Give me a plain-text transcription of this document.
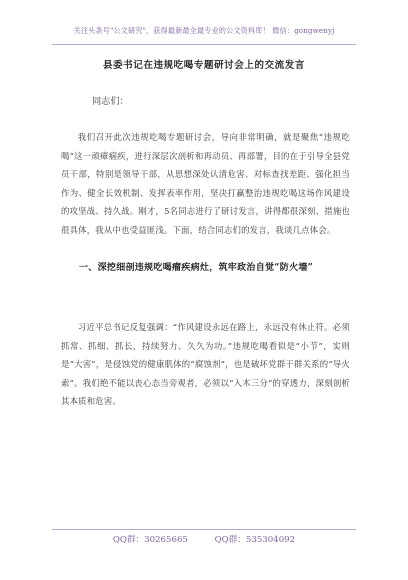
关注头条号"公文研究"，获得最新最全最专业的公文资料库！ 微信：gongwenyj
县委书记在违规吃喝专题研讨会上的交流发言
同志们：

我们召开此次违规吃喝专题研讨会，导向非常明确，就是聚焦“违规吃喝”这一顽瘴痼疾，进行深层次剖析和再动员、再部署，目的在于引导全县党员干部，特别是领导干部，从思想深处认清危害、对标查找差距、强化担当作为、健全长效机制、发挥表率作用，坚决打赢整治违规吃喝这场作风建设的攻坚战、持久战。刚才，5名同志进行了研讨发言，讲得都很深刻、措施也很具体，我从中也受益匪浅。下面，结合同志们的发言，我谈几点体会。

一、深挖细剖违规吃喝瘤疾病灶，筑牢政治自觉“防火墙”

习近平总书记反复强调：“作风建设永远在路上，永远没有休止符。必须抓常、抓细、抓长，持续努力、久久为功。”违规吃喝看似是“小节”，实则是“大害”，是侵蚀党的健康肌体的“腐蚀剂”，也是破坏党群干群关系的“导火索”。我们绝不能以丧心态当旁观者，必须以“入木三分”的穿透力，深刻剖析其本质和危害。

QQ群：30265665	QQ群：535304092
